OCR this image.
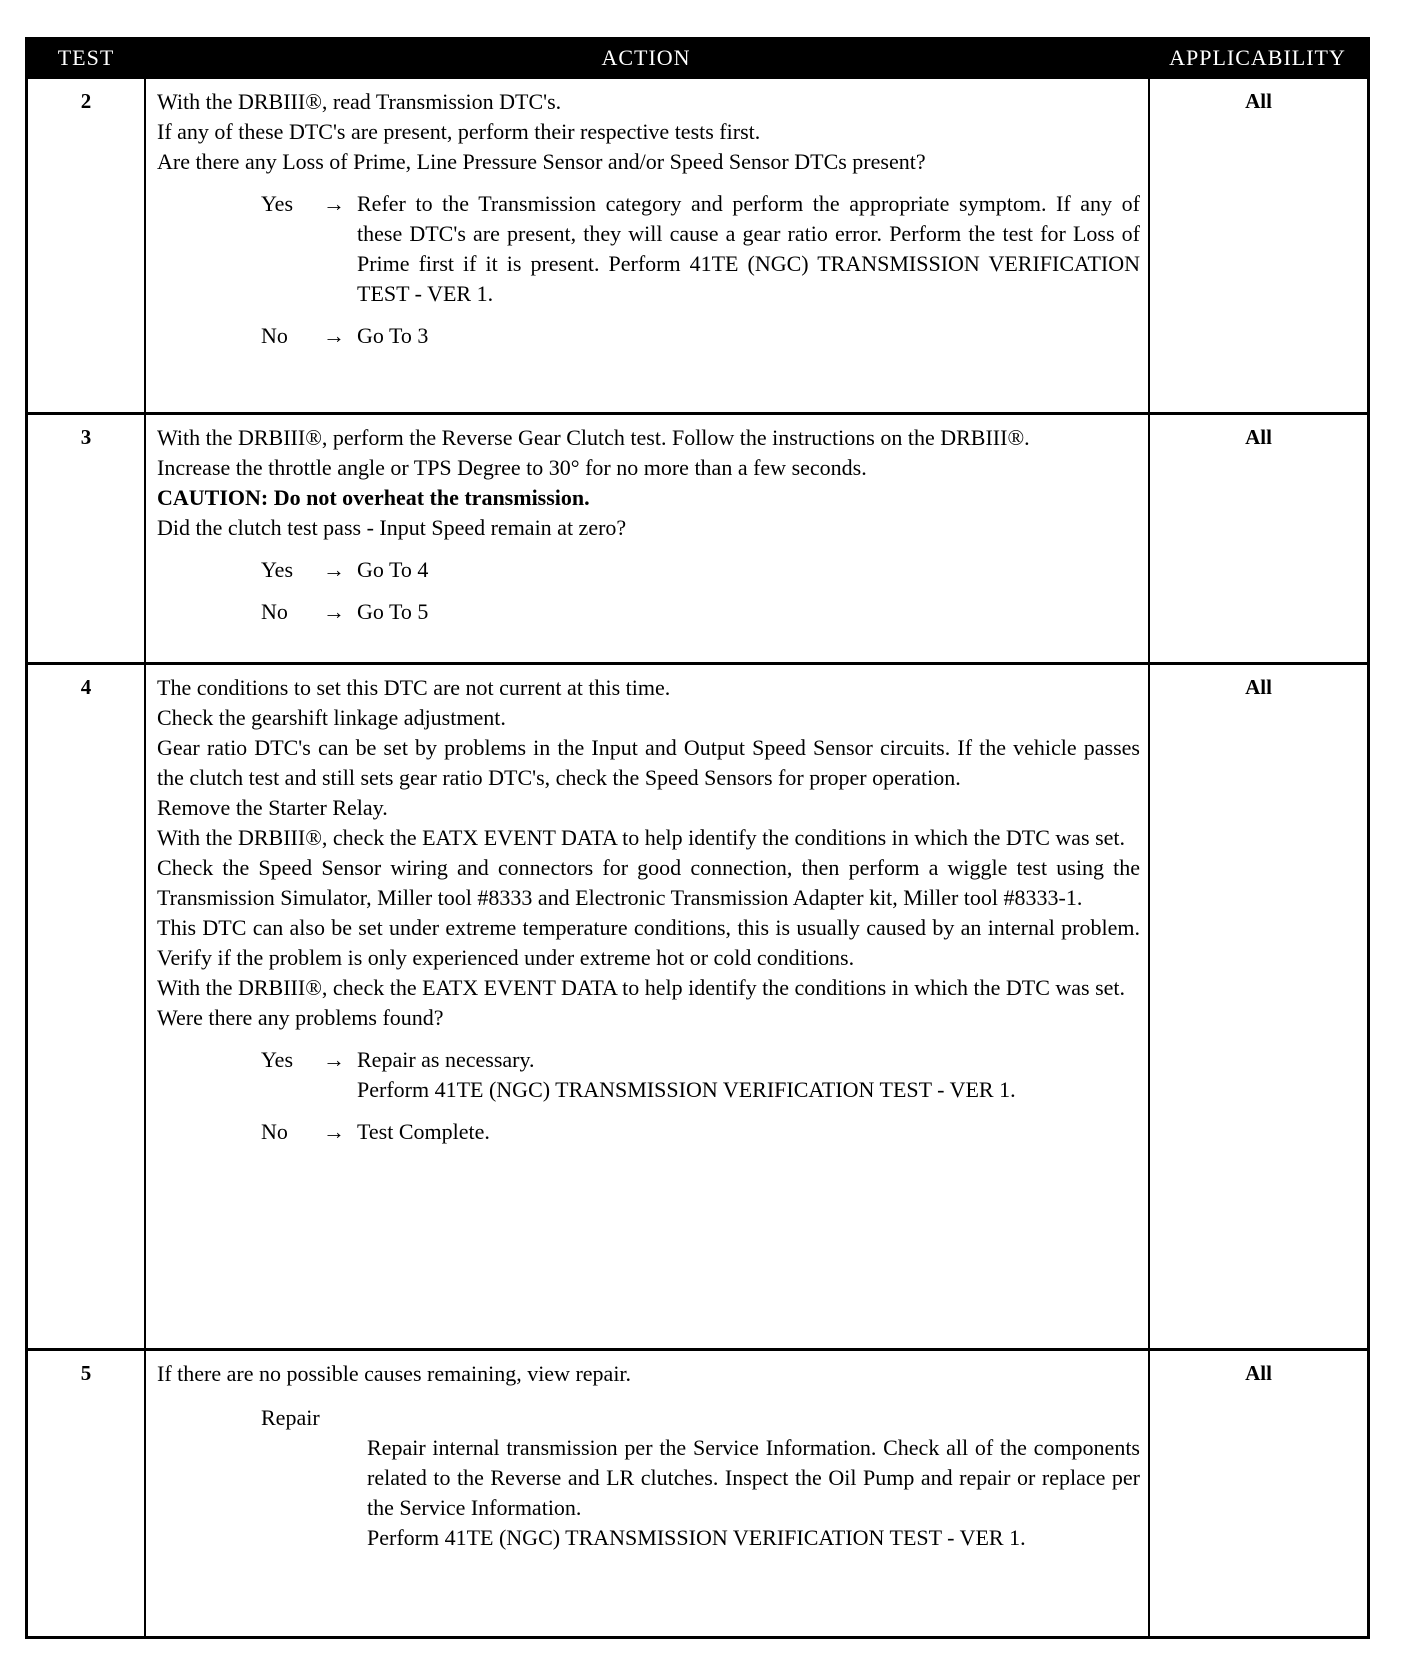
TEST	ACTION	APPLICABILITY
2	With the DRBIII®, read Transmission DTC's.
If any of these DTC's are present, perform their respective tests first.
Are there any Loss of Prime, Line Pressure Sensor and/or Speed Sensor DTCs present?
Yes	→ Refer to the Transmission category and perform the appropriate symptom. If any of these DTC's are present, they will cause a gear ratio error. Perform the test for Loss of Prime first if it is present. Perform 41TE (NGC) TRANSMISSION VERIFICATION TEST - VER 1.
No	→ Go To 3
All
3	With the DRBIII®, perform the Reverse Gear Clutch test. Follow the instructions on the DRBIII®.
Increase the throttle angle or TPS Degree to 30° for no more than a few seconds.
CAUTION: Do not overheat the transmission.
Did the clutch test pass - Input Speed remain at zero?
Yes	→ Go To 4
No	→ Go To 5
All
4	The conditions to set this DTC are not current at this time.
Check the gearshift linkage adjustment.
Gear ratio DTC's can be set by problems in the Input and Output Speed Sensor circuits. If the vehicle passes the clutch test and still sets gear ratio DTC's, check the Speed Sensors for proper operation.
Remove the Starter Relay.
With the DRBIII®, check the EATX EVENT DATA to help identify the conditions in which the DTC was set.
Check the Speed Sensor wiring and connectors for good connection, then perform a wiggle test using the Transmission Simulator, Miller tool #8333 and Electronic Transmission Adapter kit, Miller tool #8333-1.
This DTC can also be set under extreme temperature conditions, this is usually caused by an internal problem. Verify if the problem is only experienced under extreme hot or cold conditions.
With the DRBIII®, check the EATX EVENT DATA to help identify the conditions in which the DTC was set.
Were there any problems found?
Yes	→ Repair as necessary.
Perform 41TE (NGC) TRANSMISSION VERIFICATION TEST - VER 1.
No	→ Test Complete.
All
5	If there are no possible causes remaining, view repair.
Repair
Repair internal transmission per the Service Information. Check all of the components related to the Reverse and LR clutches. Inspect the Oil Pump and repair or replace per the Service Information.
Perform 41TE (NGC) TRANSMISSION VERIFICATION TEST - VER 1.
All
